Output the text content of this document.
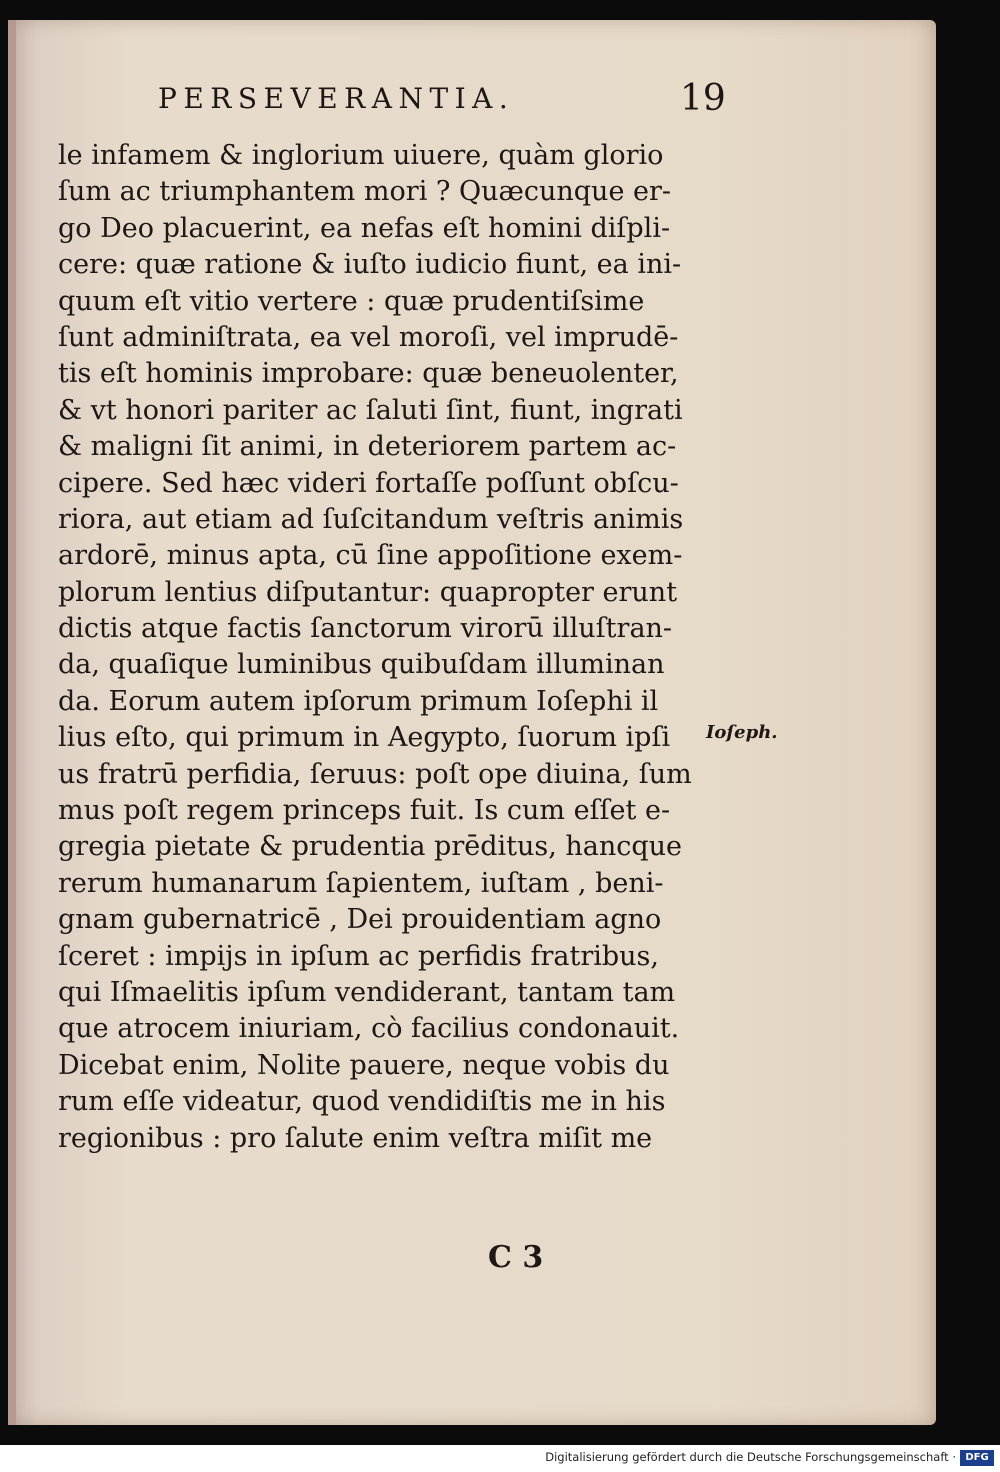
PERSEVERANTIA.	19
le infamem & inglorium uiuere, quàm glorio
ſum ac triumphantem mori ? Quæcunque er-
go Deo placuerint, ea nefas eſt homini diſpli-
cere: quæ ratione & iuſto iudicio fiunt, ea ini-
quum eſt vitio vertere : quæ prudentiſsime
ſunt adminiſtrata, ea vel moroſi, vel imprudē-
tis eſt hominis improbare: quæ beneuolenter,
& vt honori pariter ac ſaluti ſint, fiunt, ingrati
& maligni ſit animi, in deteriorem partem ac-
cipere. Sed hæc videri fortaſſe poſſunt obſcu-
riora, aut etiam ad ſuſcitandum veſtris animis
ardorē, minus apta, cū ſine appoſitione exem-
plorum lentius diſputantur: quapropter erunt
dictis atque factis ſanctorum virorū illuſtran-
da, quaſique luminibus quibuſdam illuminan
da. Eorum autem ipſorum primum Ioſephi il
lius eſto, qui primum in Aegypto, ſuorum ipſi
us fratrū perfidia, ſeruus: poſt ope diuina, ſum
mus poſt regem princeps fuit. Is cum eſſet e-
gregia pietate & prudentia prēditus, hancque
rerum humanarum ſapientem, iuſtam , beni-
gnam gubernatricē , Dei prouidentiam agno
ſceret : impijs in ipſum ac perfidis fratribus,
qui Iſmaelitis ipſum vendiderant, tantam tam
que atrocem iniuriam, cò facilius condonauit.
Dicebat enim, Nolite pauere, neque vobis du
rum eſſe videatur, quod vendidiſtis me in his
regionibus : pro ſalute enim veſtra miſit me
Ioſeph.
C 3
Digitalisierung gefördert durch die Deutsche Forschungsgemeinschaft · DFG
